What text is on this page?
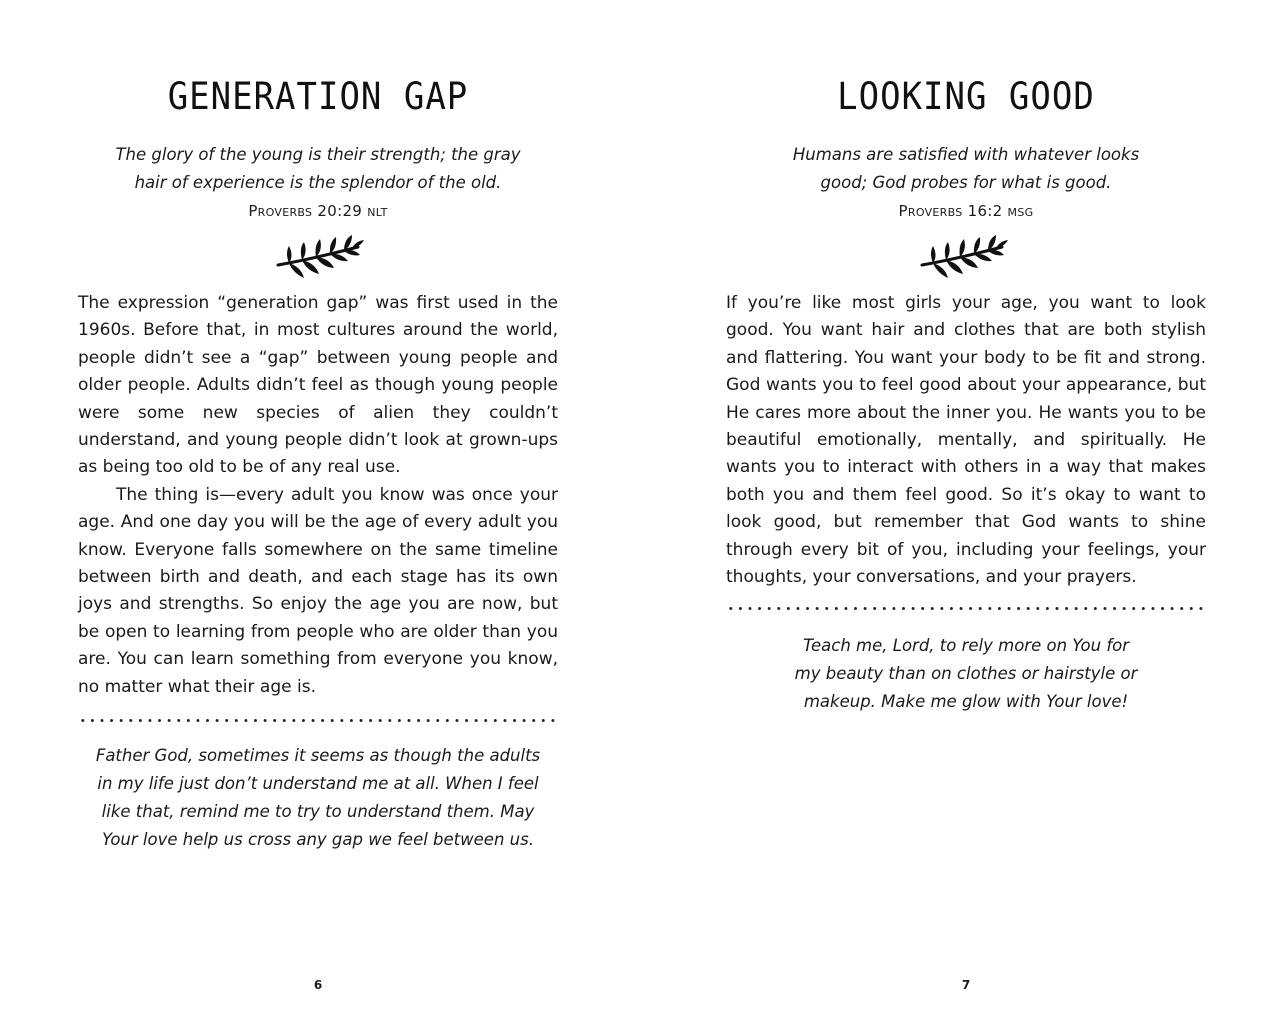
GENERATION GAP
The glory of the young is their strength; the gray
hair of experience is the splendor of the old.
Proverbs 20:29 nlt

The expression “generation gap” was first used in the 1960s. Before that, in most cultures around the world, people didn’t see a “gap” between young people and older people. Adults didn’t feel as though young people were some new species of alien they couldn’t understand, and young people didn’t look at grown-ups as being too old to be of any real use.

The thing is—every adult you know was once your age. And one day you will be the age of every adult you know. Everyone falls somewhere on the same timeline between birth and death, and each stage has its own joys and strengths. So enjoy the age you are now, but be open to learning from people who are older than you are. You can learn something from everyone you know, no matter what their age is.

Father God, sometimes it seems as though the adults
in my life just don’t understand me at all. When I feel
like that, remind me to try to understand them. May
Your love help us cross any gap we feel between us.
6
LOOKING GOOD
Humans are satisfied with whatever looks
good; God probes for what is good.
Proverbs 16:2 msg

If you’re like most girls your age, you want to look good. You want hair and clothes that are both stylish and flattering. You want your body to be fit and strong. God wants you to feel good about your appearance, but He cares more about the inner you. He wants you to be beautiful emotionally, mentally, and spiritually. He wants you to interact with others in a way that makes both you and them feel good. So it’s okay to want to look good, but remember that God wants to shine through every bit of you, including your feelings, your thoughts, your conversations, and your prayers.

Teach me, Lord, to rely more on You for
my beauty than on clothes or hairstyle or
makeup. Make me glow with Your love!
7
